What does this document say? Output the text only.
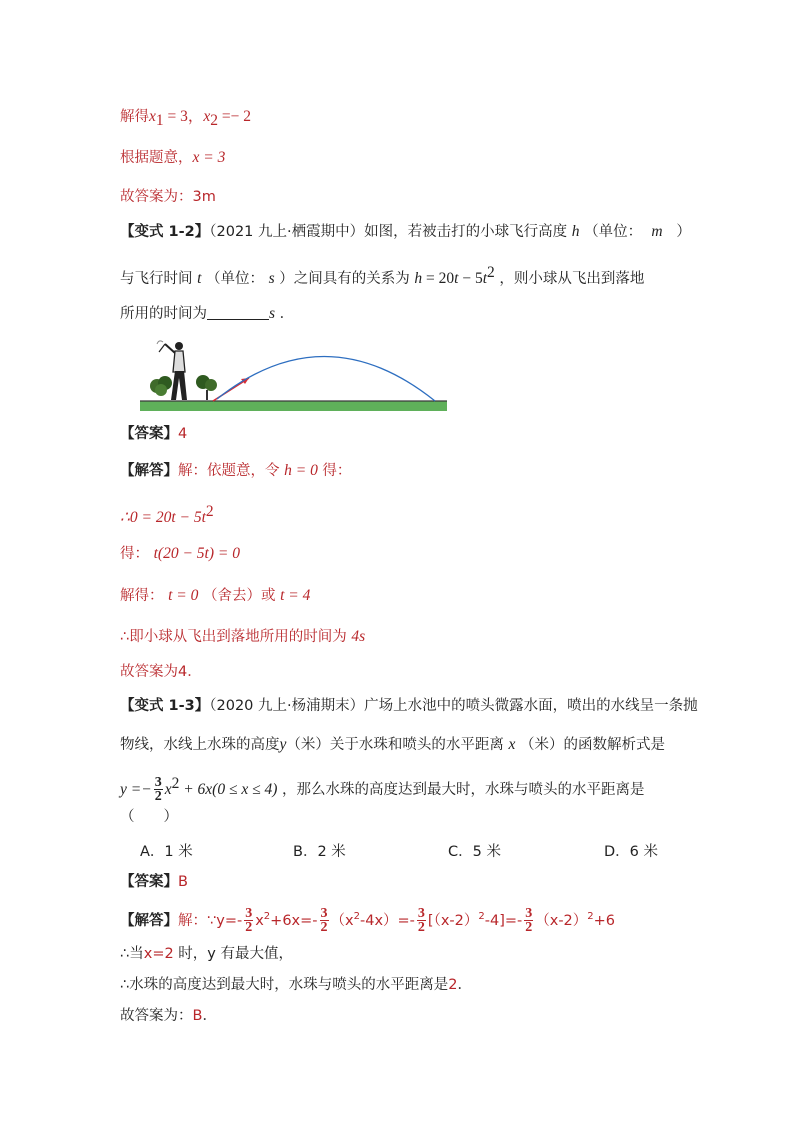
解得$x_1 = 3$，$x_2 =- 2$
根据题意，x = 3
故答案为：3m
【变式 1-2】（2021 九上·栖霞期中）如图，若被击打的小球飞行高度 h （单位： m   ）
与飞行时间 t （单位： s ）之间具有的关系为 $h = 20t - 5t^2$ ，则小球从飞出到落地
所用的时间为	s ．
【答案】4
【解答】解：依题意，令 h = 0 得：
∴0 = $20t - 5t^2$
得： t(20 − 5t) = 0
解得： t = 0 （舍去）或 t = 4
∴即小球从飞出到落地所用的时间为 4s
故答案为4．
【变式 1-3】（2020 九上·杨浦期末）广场上水池中的喷头微露水面，喷出的水线呈一条抛
物线，水线上水珠的高度y（米）关于水珠和喷头的水平距离 x （米）的函数解析式是
$y =- \frac{3}{2} x^2 + 6x(0 \le x \le 4)$ ，那么水珠的高度达到最大时，水珠与喷头的水平距离是
（　　）
A．1 米	B．2 米	C．5 米	D．6 米
【答案】B
【解答】解：∵y=- $\frac{3}{2} x^2+6x=- \frac{3}{2} (x^2-4x)=- \frac{3}{2} [(x-2)^2-4]=- \frac{3}{2} (x-2)^2+6$
∴当x=2 时，y 有最大值，
∴水珠的高度达到最大时，水珠与喷头的水平距离是2．
故答案为：B．
